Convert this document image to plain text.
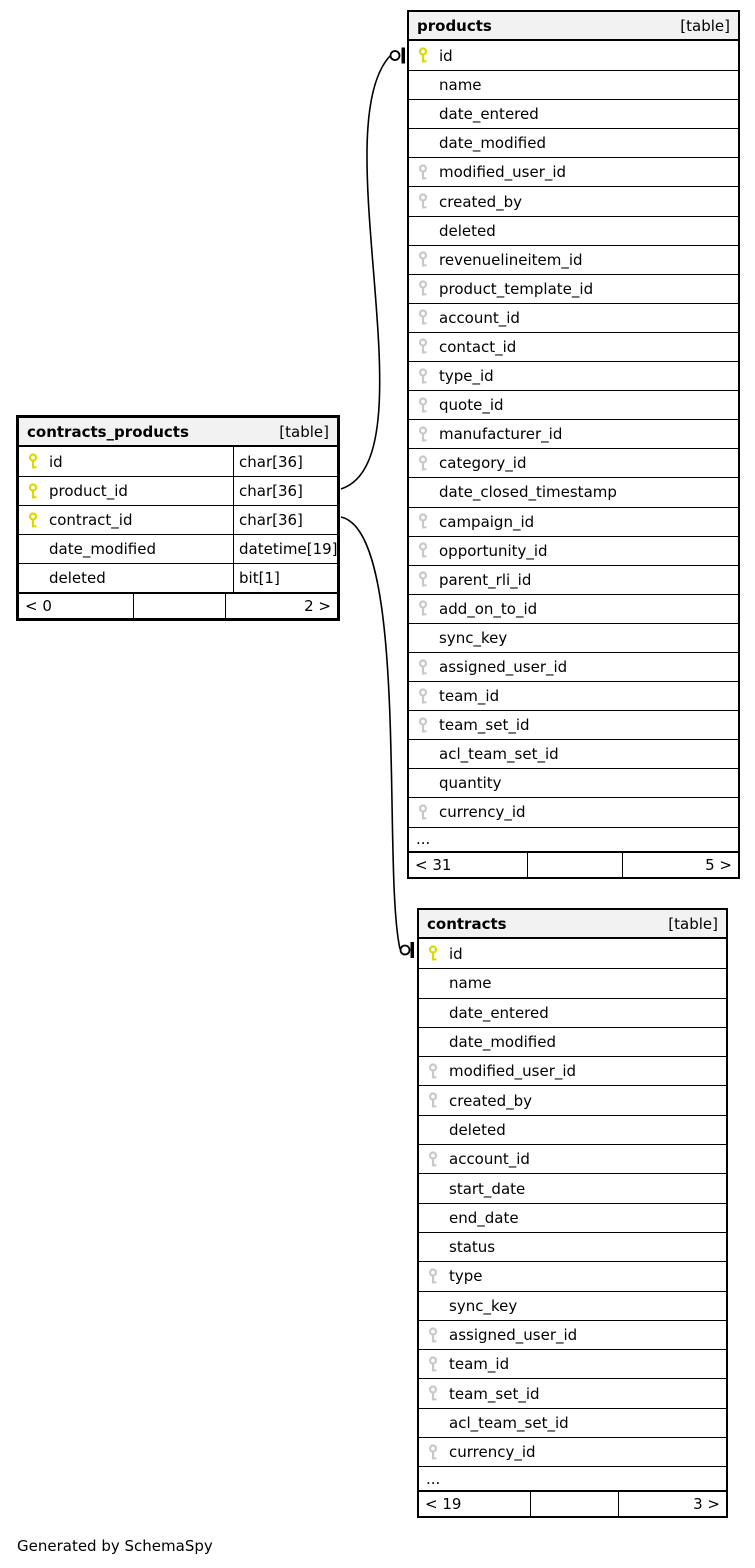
products	[table]
id
name
date_entered
date_modified
modified_user_id
created_by
deleted
revenuelineitem_id
product_template_id
account_id
contact_id
type_id
quote_id
manufacturer_id
category_id
date_closed_timestamp
campaign_id
opportunity_id
parent_rli_id
add_on_to_id
sync_key
assigned_user_id
team_id
team_set_id
acl_team_set_id
quantity
currency_id
...
< 31	5 >
contracts_products	[table]
id	char[36]
product_id	char[36]
contract_id	char[36]
date_modified	datetime[19]
deleted	bit[1]
< 0	2 >
contracts	[table]
id
name
date_entered
date_modified
modified_user_id
created_by
deleted
account_id
start_date
end_date
status
type
sync_key
assigned_user_id
team_id
team_set_id
acl_team_set_id
currency_id
...
< 19	3 >
Generated by SchemaSpy
